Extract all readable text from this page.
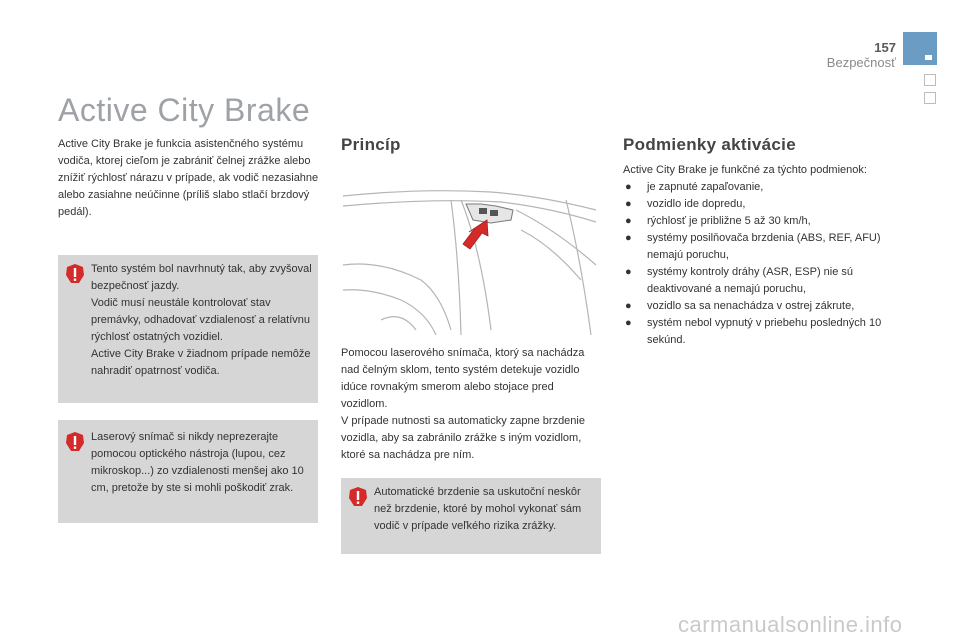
157
Bezpečnosť
Active City Brake
Active City Brake je funkcia asistenčného systému vodiča, ktorej cieľom je zabrániť čelnej zrážke alebo znížiť rýchlosť nárazu v prípade, ak vodič nezasiahne alebo zasiahne neúčinne (príliš slabo stlačí brzdový pedál).
Tento systém bol navrhnutý tak, aby zvyšoval bezpečnosť jazdy.
Vodič musí neustále kontrolovať stav premávky, odhadovať vzdialenosť a relatívnu rýchlosť ostatných vozidiel.
Active City Brake v žiadnom prípade nemôže nahradiť opatrnosť vodiča.
Laserový snímač si nikdy neprezerajte pomocou optického nástroja (lupou, cez mikroskop...) zo vzdialenosti menšej ako 10 cm, pretože by ste si mohli poškodiť zrak.
Princíp
Pomocou laserového snímača, ktorý sa nachádza nad čelným sklom, tento systém detekuje vozidlo idúce rovnakým smerom alebo stojace pred vozidlom.
V prípade nutnosti sa automaticky zapne brzdenie vozidla, aby sa zabránilo zrážke s iným vozidlom, ktoré sa nachádza pre ním.
Automatické brzdenie sa uskutoční neskôr než brzdenie, ktoré by mohol vykonať sám vodič v prípade veľkého rizika zrážky.
Podmienky aktivácie
Active City Brake je funkčné za týchto podmienok:
● je zapnuté zapaľovanie,
● vozidlo ide dopredu,
● rýchlosť je približne 5 až 30 km/h,
● systémy posilňovača brzdenia (ABS, REF, AFU) nemajú poruchu,
● systémy kontroly dráhy (ASR, ESP) nie sú deaktivované a nemajú poruchu,
● vozidlo sa sa nenachádza v ostrej zákrute,
● systém nebol vypnutý v priebehu posledných 10 sekúnd.
carmanualsonline.info
